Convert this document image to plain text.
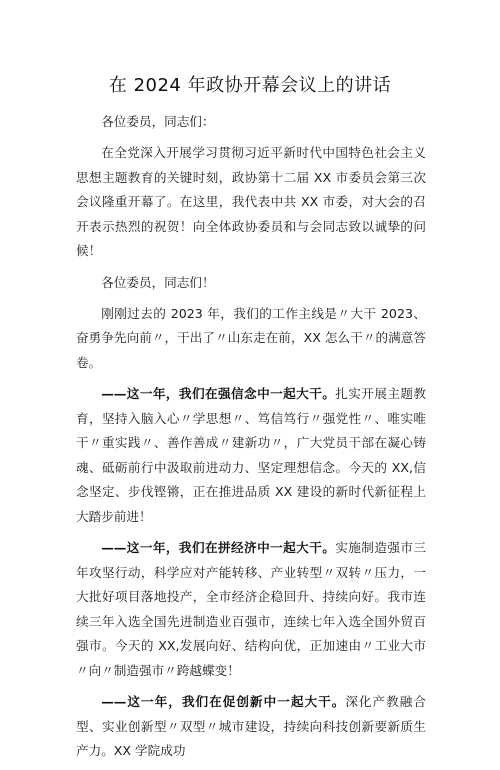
在 2024 年政协开幕会议上的讲话

各位委员，同志们：

在全党深入开展学习贯彻习近平新时代中国特色社会主义思想主题教育的关键时刻，政协第十二届 XX 市委员会第三次会议隆重开幕了。在这里，我代表中共 XX 市委，对大会的召开表示热烈的祝贺！向全体政协委员和与会同志致以诚挚的问候！

各位委员，同志们！

刚刚过去的 2023 年，我们的工作主线是〃大干 2023、奋勇争先向前〃，干出了〃山东走在前，XX 怎么干〃的满意答卷。

——这一年，我们在强信念中一起大干。扎实开展主题教育，坚持入脑入心〃学思想〃、笃信笃行〃强党性〃、唯实唯干〃重实践〃、善作善成〃建新功〃，广大党员干部在凝心铸魂、砥砺前行中汲取前进动力、坚定理想信念。今天的 XX,信念坚定、步伐铿锵，正在推进品质 XX 建设的新时代新征程上大踏步前进！

——这一年，我们在拼经济中一起大干。实施制造强市三年攻坚行动，科学应对产能转移、产业转型〃双转〃压力，一大批好项目落地投产，全市经济企稳回升、持续向好。我市连续三年入选全国先进制造业百强市，连续七年入选全国外贸百强市。今天的 XX,发展向好、结构向优，正加速由〃工业大市〃向〃制造强市〃跨越蝶变！

——这一年，我们在促创新中一起大干。深化产教融合型、实业创新型〃双型〃城市建设，持续向科技创新要新质生产力。XX 学院成功
